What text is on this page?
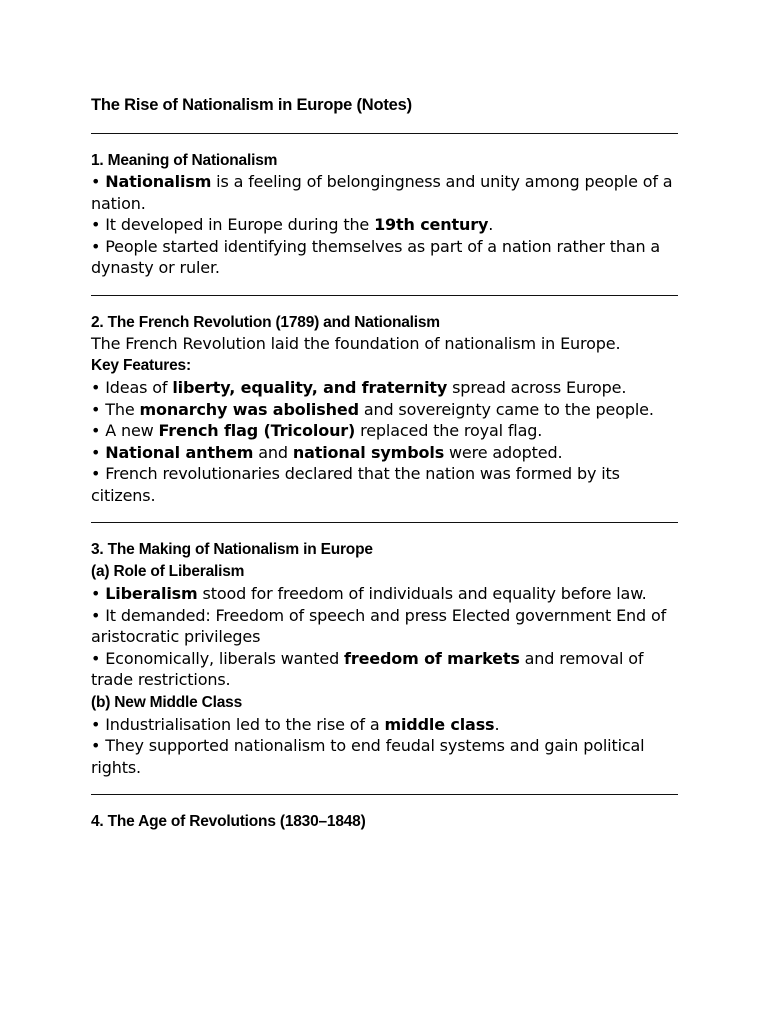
The Rise of Nationalism in Europe (Notes)
1. Meaning of Nationalism

• Nationalism is a feeling of belongingness and unity among people of a nation.

• It developed in Europe during the 19th century.

• People started identifying themselves as part of a nation rather than a dynasty or ruler.

2. The French Revolution (1789) and Nationalism

The French Revolution laid the foundation of nationalism in Europe.

Key Features:

• Ideas of liberty, equality, and fraternity spread across Europe.

• The monarchy was abolished and sovereignty came to the people.

• A new French flag (Tricolour) replaced the royal flag.

• National anthem and national symbols were adopted.

• French revolutionaries declared that the nation was formed by its citizens.

3. The Making of Nationalism in Europe
(a) Role of Liberalism

• Liberalism stood for freedom of individuals and equality before law.

• It demanded: Freedom of speech and press Elected government End of aristocratic privileges

• Economically, liberals wanted freedom of markets and removal of trade restrictions.

(b) New Middle Class

• Industrialisation led to the rise of a middle class.

• They supported nationalism to end feudal systems and gain political rights.

4. The Age of Revolutions (1830–1848)
